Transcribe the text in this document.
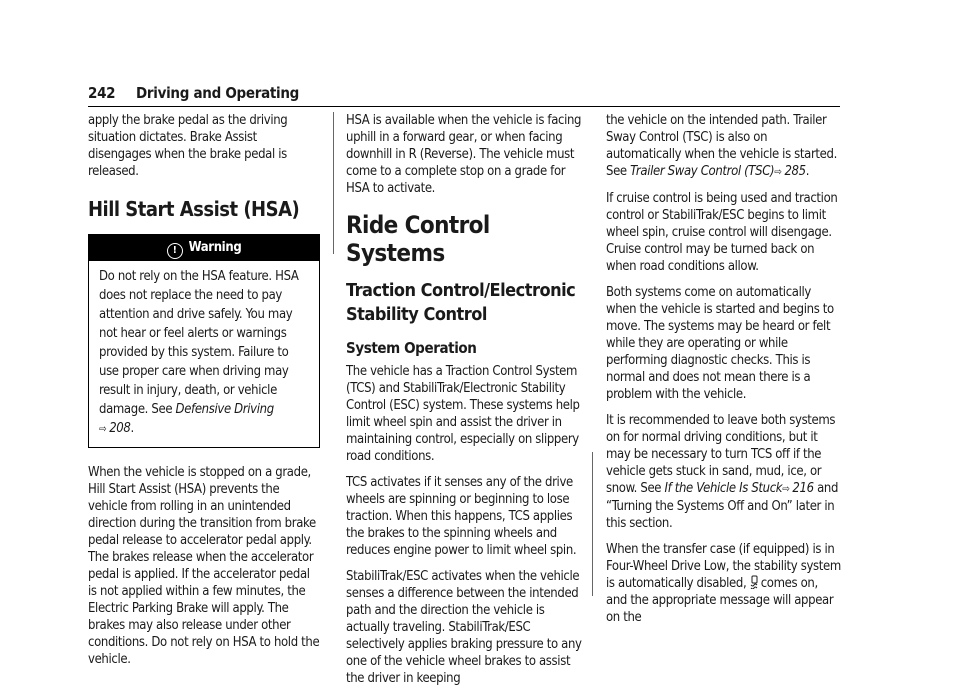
242 Driving and Operating

apply the brake pedal as the driving situation dictates. Brake Assist disengages when the brake pedal is released.

Hill Start Assist (HSA)
! Warning
Do not rely on the HSA feature. HSA does not replace the need to pay attention and drive safely. You may not hear or feel alerts or warnings provided by this system. Failure to use proper care when driving may result in injury, death, or vehicle damage. See Defensive Driving
⇨ 208.

When the vehicle is stopped on a grade, Hill Start Assist (HSA) prevents the vehicle from rolling in an unintended direction during the transition from brake pedal release to accelerator pedal apply. The brakes release when the accelerator pedal is applied. If the accelerator pedal is not applied within a few minutes, the Electric Parking Brake will apply. The brakes may also release under other conditions. Do not rely on HSA to hold the vehicle.

HSA is available when the vehicle is facing uphill in a forward gear, or when facing downhill in R (Reverse). The vehicle must come to a complete stop on a grade for HSA to activate.

Ride Control Systems
Traction Control/Electronic Stability Control
System Operation

The vehicle has a Traction Control System (TCS) and StabiliTrak/Electronic Stability Control (ESC) system. These systems help limit wheel spin and assist the driver in maintaining control, especially on slippery road conditions.

TCS activates if it senses any of the drive wheels are spinning or beginning to lose traction. When this happens, TCS applies the brakes to the spinning wheels and reduces engine power to limit wheel spin.

StabiliTrak/ESC activates when the vehicle senses a difference between the intended path and the direction the vehicle is actually traveling. StabiliTrak/ESC selectively applies braking pressure to any one of the vehicle wheel brakes to assist the driver in keeping

the vehicle on the intended path. Trailer Sway Control (TSC) is also on automatically when the vehicle is started. See Trailer Sway Control (TSC)⇨ 285.

If cruise control is being used and traction control or StabiliTrak/ESC begins to limit wheel spin, cruise control will disengage. Cruise control may be turned back on when road conditions allow.

Both systems come on automatically when the vehicle is started and begins to move. The systems may be heard or felt while they are operating or while performing diagnostic checks. This is normal and does not mean there is a problem with the vehicle.

It is recommended to leave both systems on for normal driving conditions, but it may be necessary to turn TCS off if the vehicle gets stuck in sand, mud, ice, or snow. See If the Vehicle Is Stuck⇨ 216 and “Turning the Systems Off and On” later in this section.

When the transfer case (if equipped) is in Four-Wheel Drive Low, the stability system is automatically disabled, comes on, and the appropriate message will appear on the
